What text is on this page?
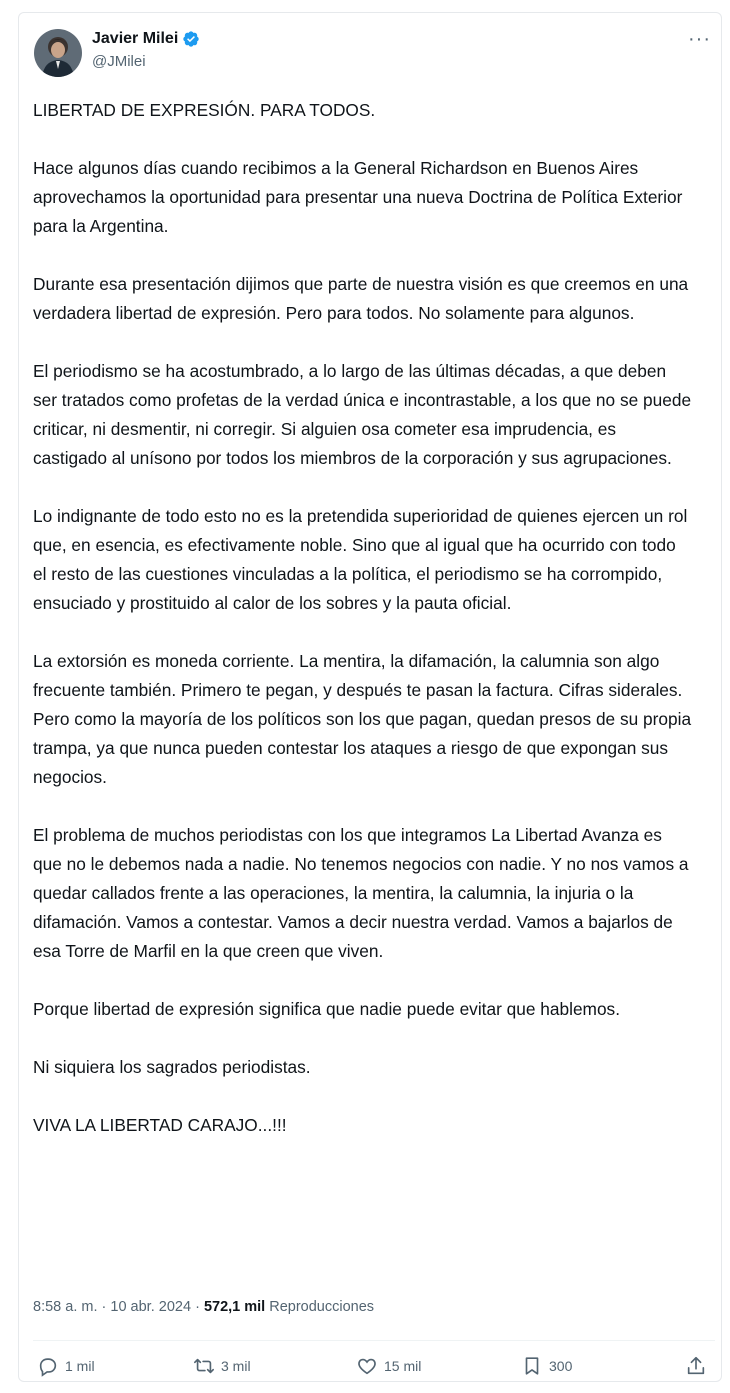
Javier Milei
@JMilei
···

LIBERTAD DE EXPRESIÓN. PARA TODOS.

Hace algunos días cuando recibimos a la General Richardson en Buenos Aires aprovechamos la oportunidad para presentar una nueva Doctrina de Política Exterior para la Argentina.

Durante esa presentación dijimos que parte de nuestra visión es que creemos en una verdadera libertad de expresión. Pero para todos. No solamente para algunos.

El periodismo se ha acostumbrado, a lo largo de las últimas décadas, a que deben ser tratados como profetas de la verdad única e incontrastable, a los que no se puede criticar, ni desmentir, ni corregir. Si alguien osa cometer esa imprudencia, es castigado al unísono por todos los miembros de la corporación y sus agrupaciones.

Lo indignante de todo esto no es la pretendida superioridad de quienes ejercen un rol que, en esencia, es efectivamente noble. Sino que al igual que ha ocurrido con todo el resto de las cuestiones vinculadas a la política, el periodismo se ha corrompido, ensuciado y prostituido al calor de los sobres y la pauta oficial.

La extorsión es moneda corriente. La mentira, la difamación, la calumnia son algo frecuente también. Primero te pegan, y después te pasan la factura. Cifras siderales. Pero como la mayoría de los políticos son los que pagan, quedan presos de su propia trampa, ya que nunca pueden contestar los ataques a riesgo de que expongan sus negocios.

El problema de muchos periodistas con los que integramos La Libertad Avanza es que no le debemos nada a nadie. No tenemos negocios con nadie. Y no nos vamos a quedar callados frente a las operaciones, la mentira, la calumnia, la injuria o la difamación. Vamos a contestar. Vamos a decir nuestra verdad. Vamos a bajarlos de esa Torre de Marfil en la que creen que viven.

Porque libertad de expresión significa que nadie puede evitar que hablemos.

Ni siquiera los sagrados periodistas.

VIVA LA LIBERTAD CARAJO...!!!

8:58 a. m. · 10 abr. 2024 · 572,1 mil Reproducciones
1 mil	3 mil	15 mil	300
